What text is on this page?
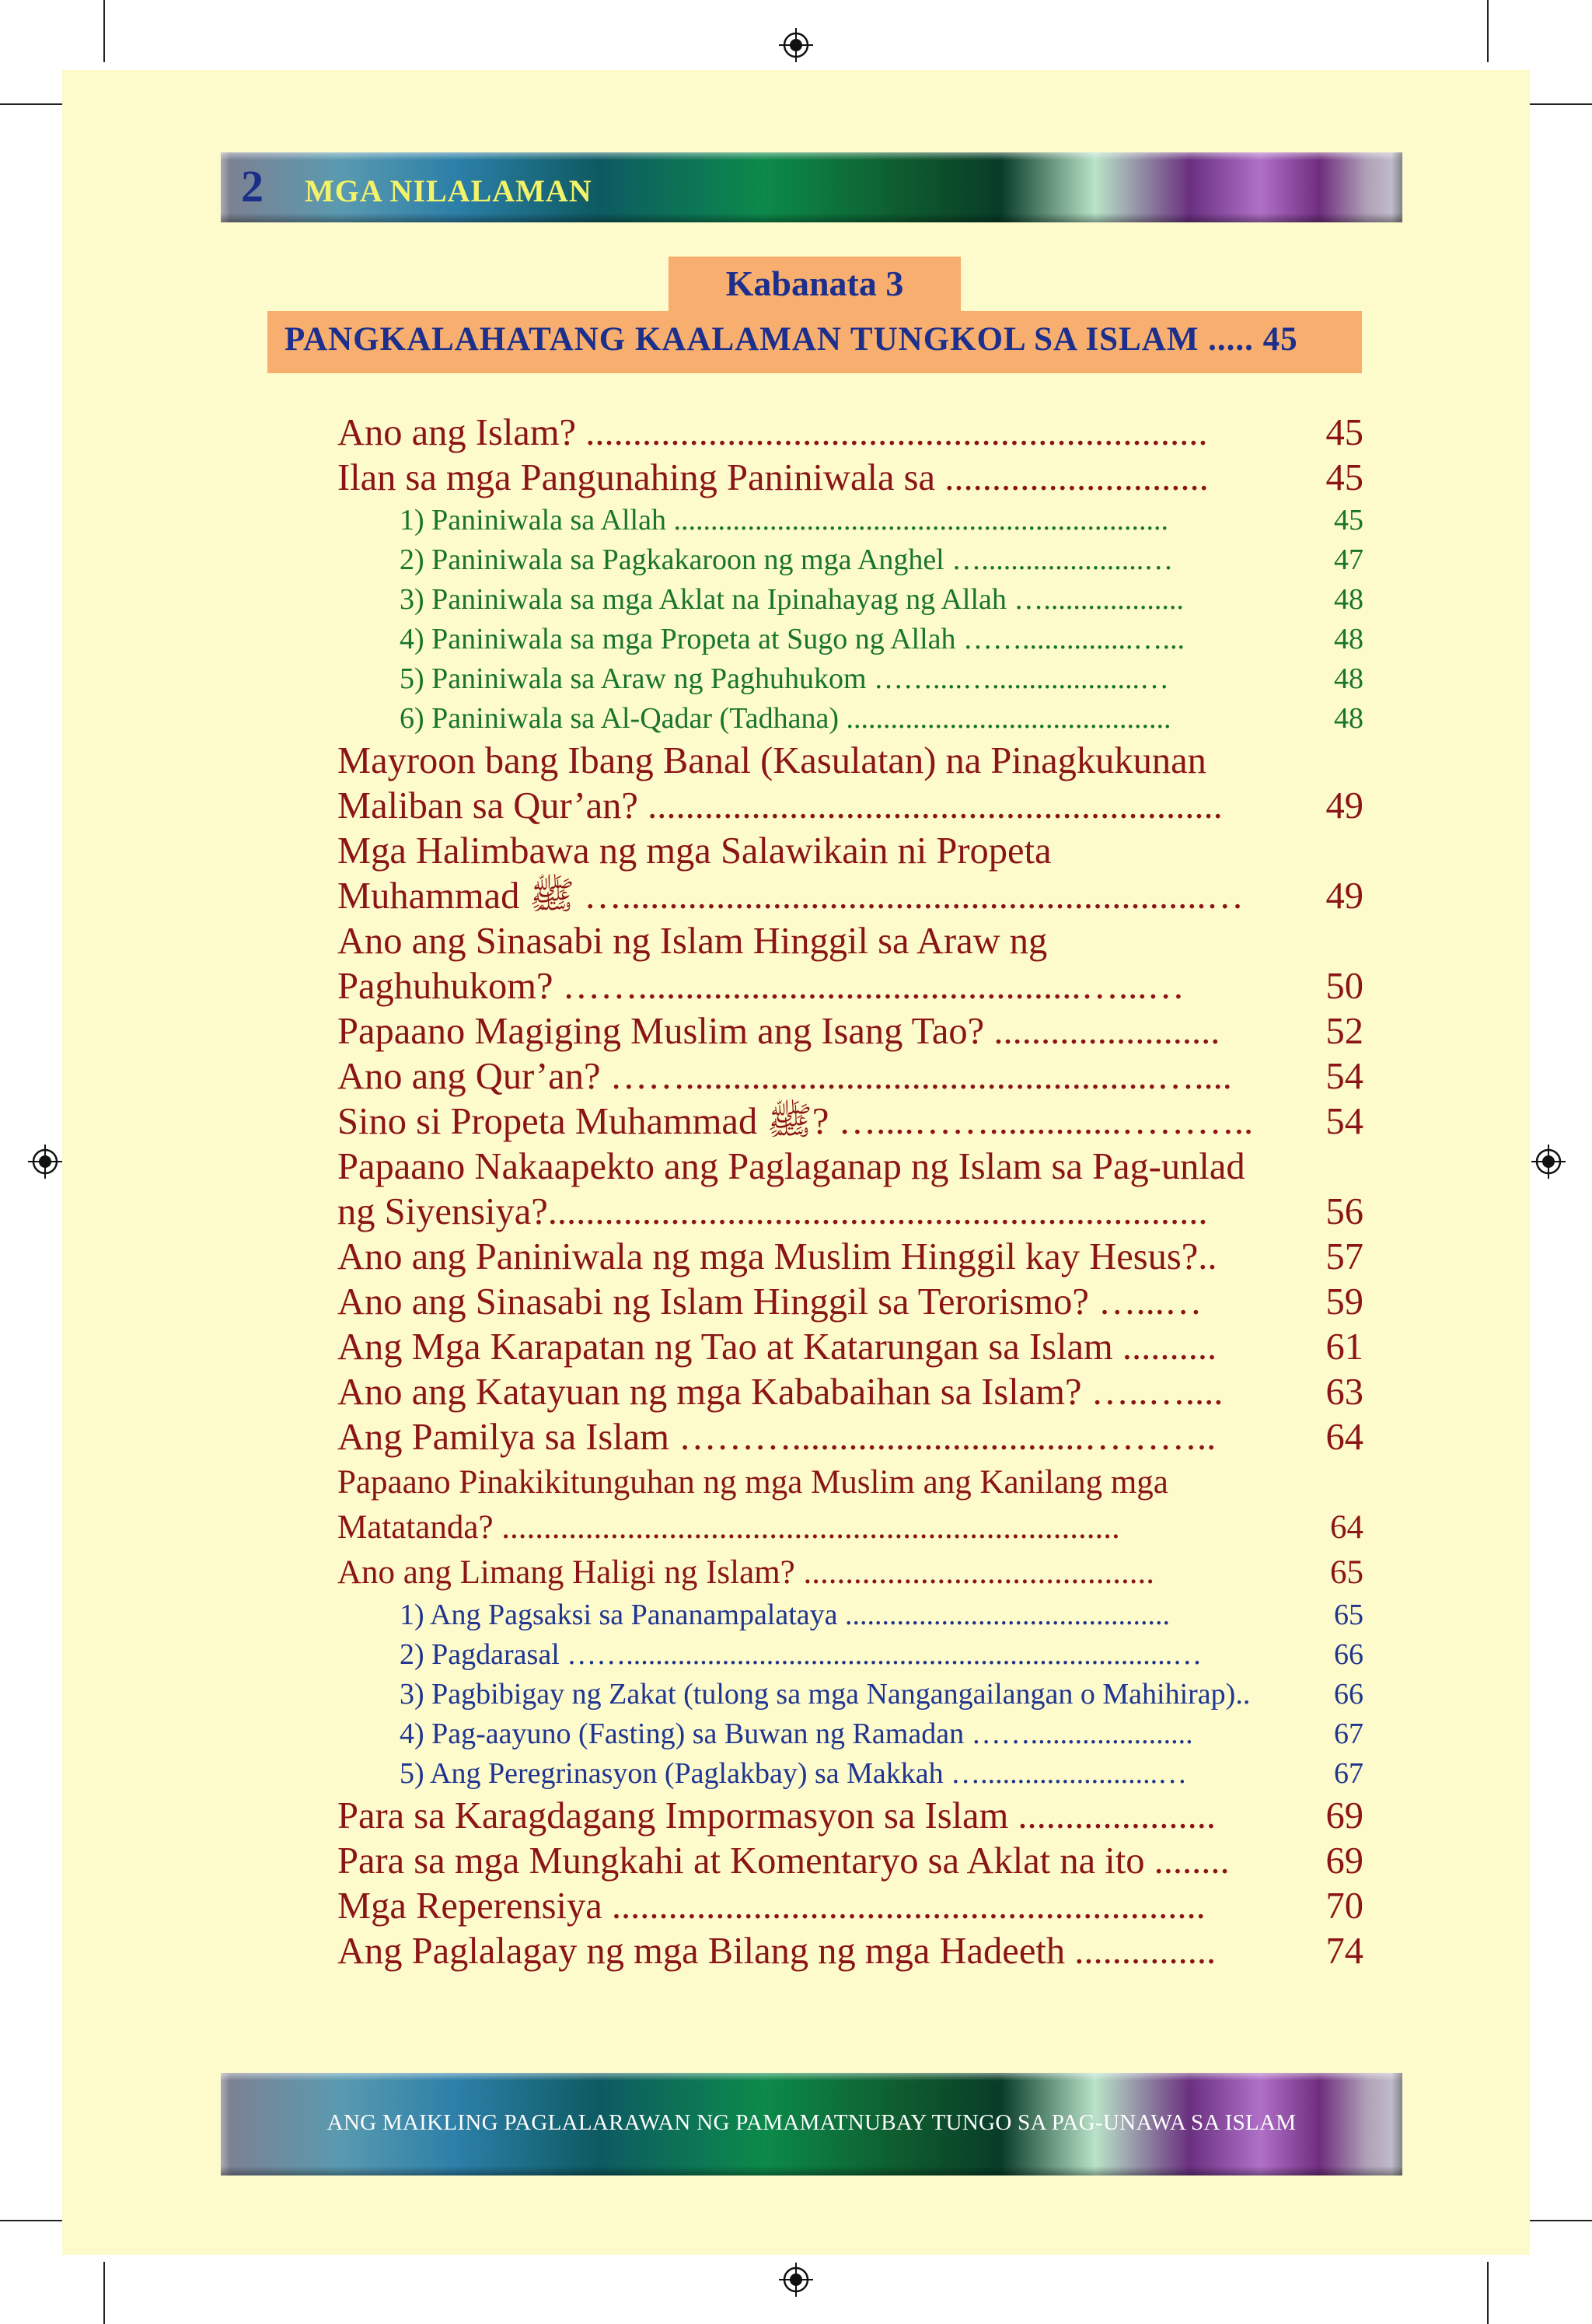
2 MGA NILALAMAN
Kabanata 3
PANGKALAHATANG KAALAMAN TUNGKOL SA ISLAM ..... 45
Ano ang Islam? ..................................................................	45
Ilan sa mga Pangunahing Paniniwala sa ............................	45
1) Paniniwala sa Allah ...................................................................	45
2) Paniniwala sa Pagkakaroon ng mga Anghel …......................…	47
3) Paniniwala sa mga Aklat na Ipinahayag ng Allah …...................	48
4) Paniniwala sa mga Propeta at Sugo ng Allah ……...............…...	48
5) Paniniwala sa Araw ng Paghuhukom ……....…....................…	48
6) Paniniwala sa Al-Qadar (Tadhana) ............................................	48
Mayroon bang Ibang Banal (Kasulatan) na Pinagkukunan
Maliban sa Qur’an? .............................................................	49
Mga Halimbawa ng mga Salawikain ni Propeta
Muhammad ﷺ …..............................................................…	49
Ano ang Sinasabi ng Islam Hinggil sa Araw ng
Paghuhukom? ……...............................................…...…	50
Papaano Magiging Muslim ang Isang Tao? ........................	52
Ano ang Qur’an? ……..................................................…....	54
Sino si Propeta Muhammad ﷺ? …....……..............………..	54
Papaano Nakaapekto ang Paglaganap ng Islam sa Pag-unlad
ng Siyensiya?......................................................................	56
Ano ang Paniniwala ng mga Muslim Hinggil kay Hesus?..	57
Ano ang Sinasabi ng Islam Hinggil sa Terorismo? …...…	59
Ang Mga Karapatan ng Tao at Katarungan sa Islam ..........	61
Ano ang Katayuan ng mga Kababaihan sa Islam? …..…....	63
Ang Pamilya sa Islam ………...............................………..	64
Papaano Pinakikitunguhan ng mga Muslim ang Kanilang mga
Matatanda? ..........................................................................	64
Ano ang Limang Haligi ng Islam? ..........................................	65
1) Ang Pagsaksi sa Pananampalataya ............................................	65
2) Pagdarasal ……..........................................................................…	66
3) Pagbibigay ng Zakat (tulong sa mga Nangangailangan o Mahihirap)..	66
4) Pag-aayuno (Fasting) sa Buwan ng Ramadan ……......................	67
5) Ang Peregrinasyon (Paglakbay) sa Makkah …........................…	67
Para sa Karagdagang Impormasyon sa Islam .....................	69
Para sa mga Mungkahi at Komentaryo sa Aklat na ito ........	69
Mga Reperensiya ...............................................................	70
Ang Paglalagay ng mga Bilang ng mga Hadeeth ...............	74
ANG MAIKLING PAGLALARAWAN NG PAMAMATNUBAY TUNGO SA PAG-UNAWA SA ISLAM
